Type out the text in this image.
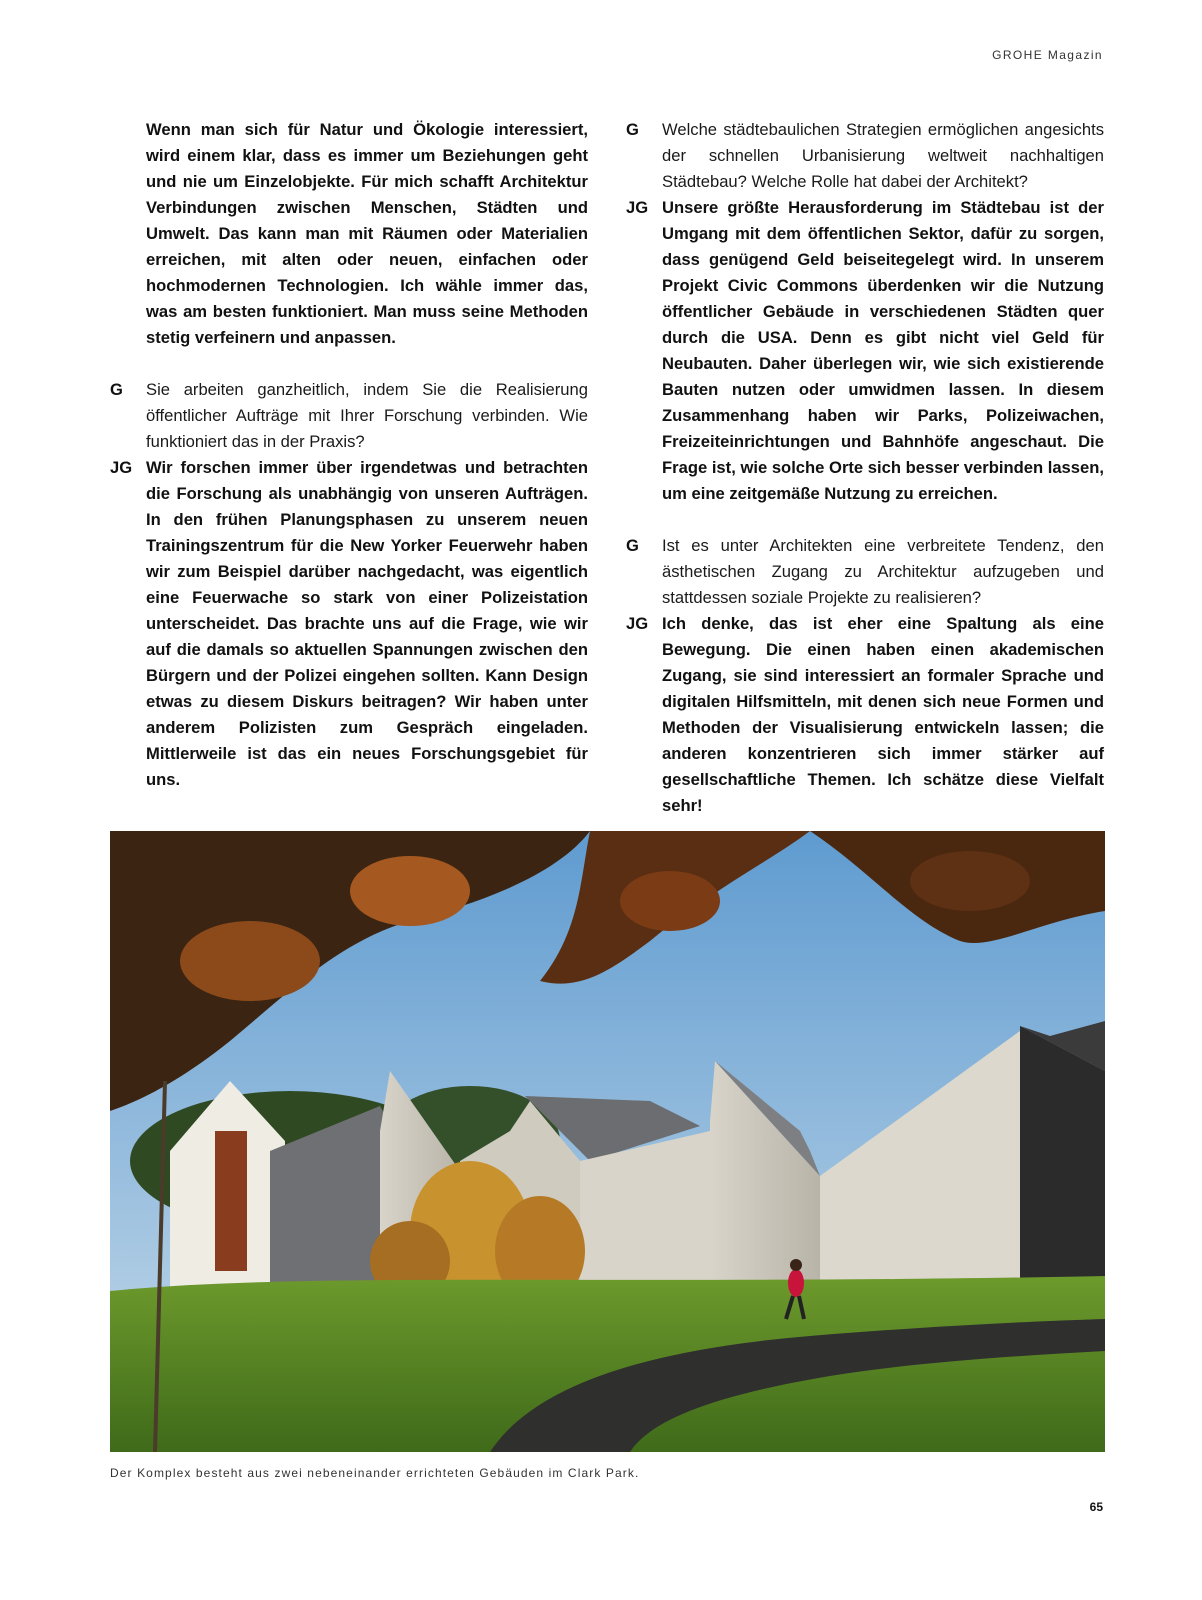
GROHE Magazin
Wenn man sich für Natur und Ökologie interessiert, wird einem klar, dass es immer um Beziehungen geht und nie um Einzelobjekte. Für mich schafft Architektur Verbindungen zwischen Menschen, Städten und Umwelt. Das kann man mit Räumen oder Materialien erreichen, mit alten oder neuen, einfachen oder hochmodernen Technologien. Ich wähle immer das, was am besten funktioniert. Man muss seine Methoden stetig verfeinern und anpassen.
G	Sie arbeiten ganzheitlich, indem Sie die Realisierung öffentlicher Aufträge mit Ihrer Forschung verbinden. Wie funktioniert das in der Praxis?
JG Wir forschen immer über irgendetwas und betrachten die Forschung als unabhängig von unseren Aufträgen. In den frühen Planungsphasen zu unserem neuen Trainingszentrum für die New Yorker Feuerwehr haben wir zum Beispiel darüber nachgedacht, was eigentlich eine Feuerwache so stark von einer Polizeistation unterscheidet. Das brachte uns auf die Frage, wie wir auf die damals so aktuellen Spannungen zwischen den Bürgern und der Polizei eingehen sollten. Kann Design etwas zu diesem Diskurs beitragen? Wir haben unter anderem Polizisten zum Gespräch eingeladen. Mittlerweile ist das ein neues Forschungsgebiet für uns.
G	Welche städtebaulichen Strategien ermöglichen angesichts der schnellen Urbanisierung weltweit nachhaltigen Städtebau? Welche Rolle hat dabei der Architekt?
JG Unsere größte Herausforderung im Städtebau ist der Umgang mit dem öffentlichen Sektor, dafür zu sorgen, dass genügend Geld beiseitegelegt wird. In unserem Projekt Civic Commons überdenken wir die Nutzung öffentlicher Gebäude in verschiedenen Städten quer durch die USA. Denn es gibt nicht viel Geld für Neubauten. Daher überlegen wir, wie sich existierende Bauten nutzen oder umwidmen lassen. In diesem Zusammenhang haben wir Parks, Polizeiwachen, Freizeiteinrichtungen und Bahnhöfe angeschaut. Die Frage ist, wie solche Orte sich besser verbinden lassen, um eine zeitgemäße Nutzung zu erreichen.
G	Ist es unter Architekten eine verbreitete Tendenz, den ästhetischen Zugang zu Architektur aufzugeben und stattdessen soziale Projekte zu realisieren?
JG Ich denke, das ist eher eine Spaltung als eine Bewegung. Die einen haben einen akademischen Zugang, sie sind interessiert an formaler Sprache und digitalen Hilfsmitteln, mit denen sich neue Formen und Methoden der Visualisierung entwickeln lassen; die anderen konzentrieren sich immer stärker auf gesellschaftliche Themen. Ich schätze diese Vielfalt sehr!
Der Komplex besteht aus zwei nebeneinander errichteten Gebäuden im Clark Park.
65
